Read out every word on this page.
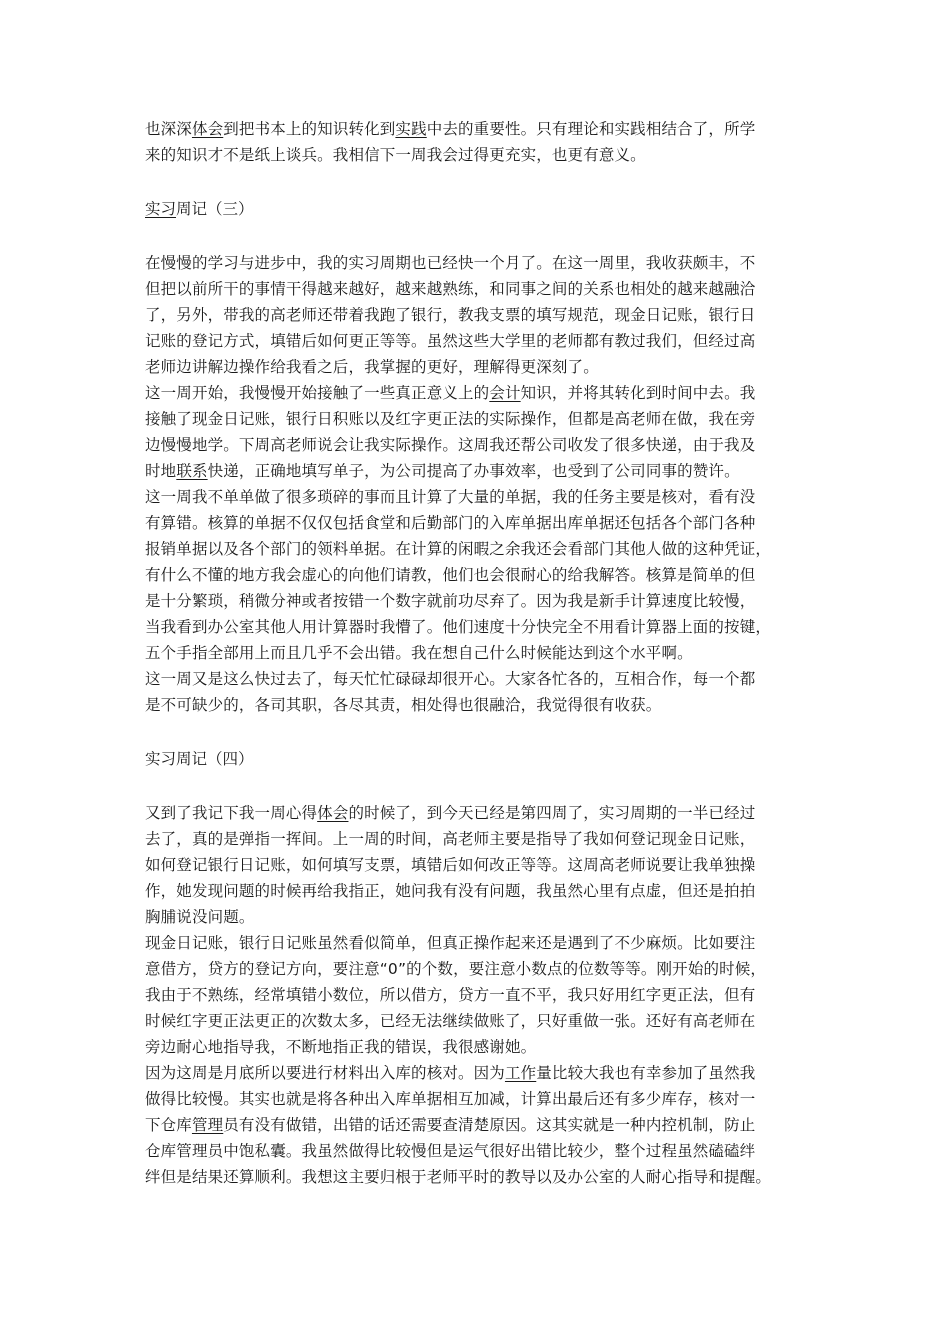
也深深体会到把书本上的知识转化到实践中去的重要性。只有理论和实践相结合了，所学
来的知识才不是纸上谈兵。我相信下一周我会过得更充实，也更有意义。
实习周记（三）
在慢慢的学习与进步中，我的实习周期也已经快一个月了。在这一周里，我收获颇丰，不
但把以前所干的事情干得越来越好，越来越熟练，和同事之间的关系也相处的越来越融洽
了，另外，带我的高老师还带着我跑了银行，教我支票的填写规范，现金日记账，银行日
记账的登记方式，填错后如何更正等等。虽然这些大学里的老师都有教过我们，但经过高
老师边讲解边操作给我看之后，我掌握的更好，理解得更深刻了。
这一周开始，我慢慢开始接触了一些真正意义上的会计知识，并将其转化到时间中去。我
接触了现金日记账，银行日积账以及红字更正法的实际操作，但都是高老师在做，我在旁
边慢慢地学。下周高老师说会让我实际操作。这周我还帮公司收发了很多快递，由于我及
时地联系快递，正确地填写单子，为公司提高了办事效率，也受到了公司同事的赞许。
这一周我不单单做了很多琐碎的事而且计算了大量的单据，我的任务主要是核对，看有没
有算错。核算的单据不仅仅包括食堂和后勤部门的入库单据出库单据还包括各个部门各种
报销单据以及各个部门的领料单据。在计算的闲暇之余我还会看部门其他人做的这种凭证，
有什么不懂的地方我会虚心的向他们请教，他们也会很耐心的给我解答。核算是简单的但
是十分繁琐，稍微分神或者按错一个数字就前功尽弃了。因为我是新手计算速度比较慢，
当我看到办公室其他人用计算器时我懵了。他们速度十分快完全不用看计算器上面的按键，
五个手指全部用上而且几乎不会出错。我在想自己什么时候能达到这个水平啊。
这一周又是这么快过去了，每天忙忙碌碌却很开心。大家各忙各的，互相合作，每一个都
是不可缺少的，各司其职，各尽其责，相处得也很融洽，我觉得很有收获。
实习周记（四）
又到了我记下我一周心得体会的时候了，到今天已经是第四周了，实习周期的一半已经过
去了，真的是弹指一挥间。上一周的时间，高老师主要是指导了我如何登记现金日记账，
如何登记银行日记账，如何填写支票，填错后如何改正等等。这周高老师说要让我单独操
作，她发现问题的时候再给我指正，她问我有没有问题，我虽然心里有点虚，但还是拍拍
胸脯说没问题。
现金日记账，银行日记账虽然看似简单，但真正操作起来还是遇到了不少麻烦。比如要注
意借方，贷方的登记方向，要注意“0”的个数，要注意小数点的位数等等。刚开始的时候，
我由于不熟练，经常填错小数位，所以借方，贷方一直不平，我只好用红字更正法，但有
时候红字更正法更正的次数太多，已经无法继续做账了，只好重做一张。还好有高老师在
旁边耐心地指导我，不断地指正我的错误，我很感谢她。
因为这周是月底所以要进行材料出入库的核对。因为工作量比较大我也有幸参加了虽然我
做得比较慢。其实也就是将各种出入库单据相互加减，计算出最后还有多少库存，核对一
下仓库管理员有没有做错，出错的话还需要查清楚原因。这其实就是一种内控机制，防止
仓库管理员中饱私囊。我虽然做得比较慢但是运气很好出错比较少，整个过程虽然磕磕绊
绊但是结果还算顺利。我想这主要归根于老师平时的教导以及办公室的人耐心指导和提醒。
